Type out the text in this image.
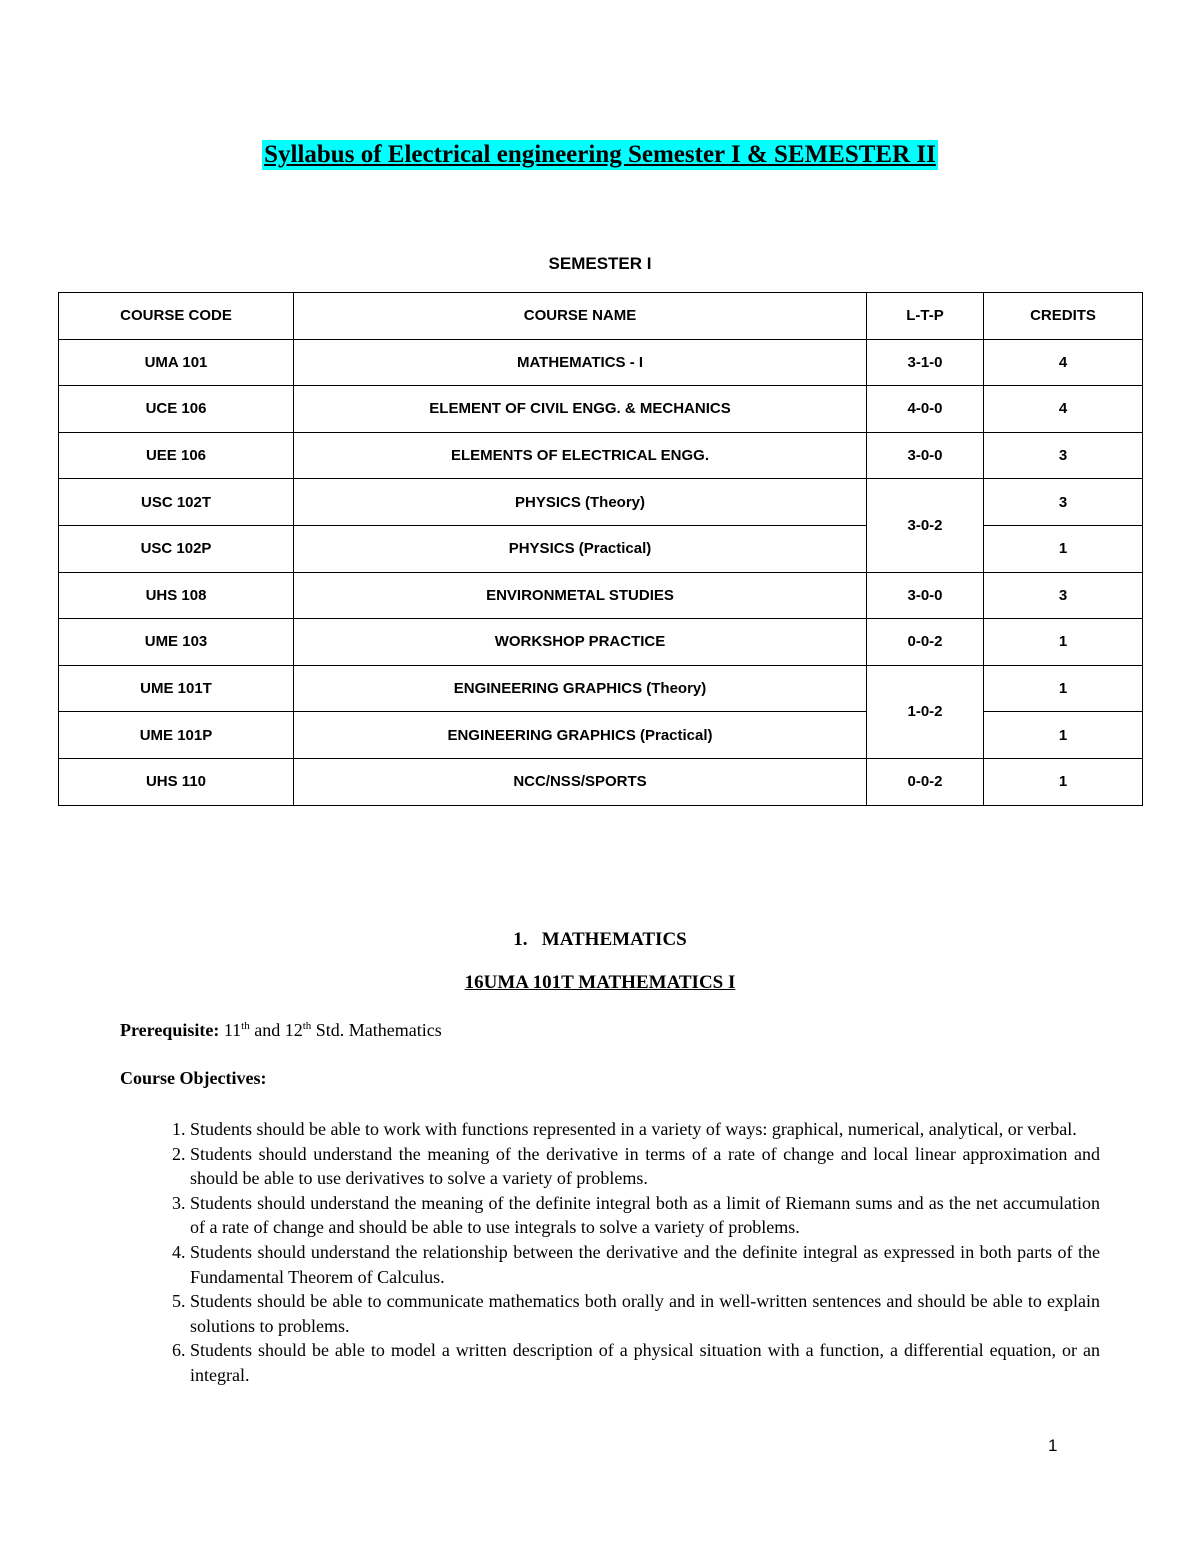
Syllabus of Electrical engineering Semester I & SEMESTER II
SEMESTER I
COURSE CODE	COURSE NAME	L-T-P	CREDITS
UMA 101	MATHEMATICS - I	3-1-0	4
UCE 106	ELEMENT OF CIVIL ENGG. & MECHANICS	4-0-0	4
UEE 106	ELEMENTS OF ELECTRICAL ENGG.	3-0-0	3
USC 102T	PHYSICS (Theory)	3-0-2	3
USC 102P	PHYSICS (Practical)		1
UHS 108	ENVIRONMETAL STUDIES	3-0-0	3
UME 103	WORKSHOP PRACTICE	0-0-2	1
UME 101T	ENGINEERING GRAPHICS (Theory)	1-0-2	1
UME 101P	ENGINEERING GRAPHICS (Practical)		1
UHS 110	NCC/NSS/SPORTS	0-0-2	1
1. MATHEMATICS
16UMA 101T MATHEMATICS I
Prerequisite: 11th and 12th Std. Mathematics
Course Objectives:
1. Students should be able to work with functions represented in a variety of ways: graphical, numerical, analytical, or verbal.
2. Students should understand the meaning of the derivative in terms of a rate of change and local linear approximation and should be able to use derivatives to solve a variety of problems.
3. Students should understand the meaning of the definite integral both as a limit of Riemann sums and as the net accumulation of a rate of change and should be able to use integrals to solve a variety of problems.
4. Students should understand the relationship between the derivative and the definite integral as expressed in both parts of the Fundamental Theorem of Calculus.
5. Students should be able to communicate mathematics both orally and in well-written sentences and should be able to explain solutions to problems.
6. Students should be able to model a written description of a physical situation with a function, a differential equation, or an integral.
1
